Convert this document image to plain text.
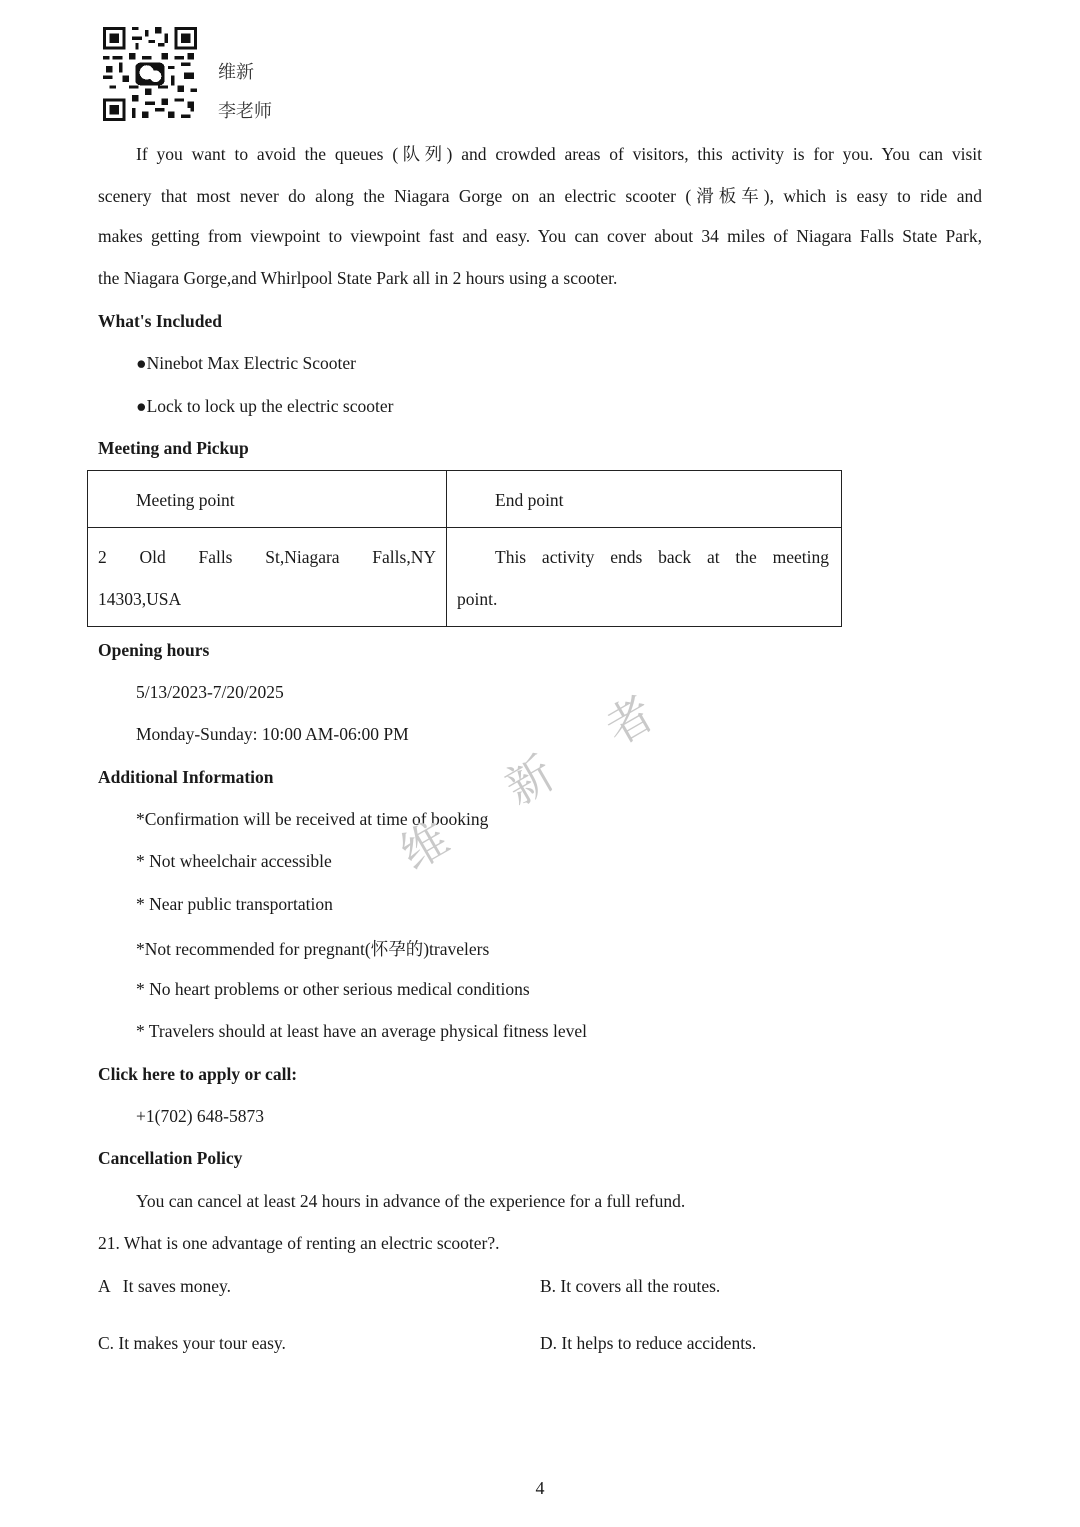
维新
李老师
If you want to avoid the queues (队列) and crowded areas of visitors, this activity is for you. You can visit
scenery that most never do along the Niagara Gorge on an electric scooter (滑板车), which is easy to ride and
makes getting from viewpoint to viewpoint fast and easy. You can cover about 34 miles of Niagara Falls State Park,
the Niagara Gorge,and Whirlpool State Park all in 2 hours using a scooter.
What's Included
●Ninebot Max Electric Scooter
●Lock to lock up the electric scooter
Meeting and Pickup
Meeting point	End point

2 Old Falls St,Niagara Falls,NY
14303,USA	This activity ends back at the meeting
point.
Opening hours
5/13/2023-7/20/2025
Monday-Sunday: 10:00 AM-06:00 PM
Additional Information
*Confirmation will be received at time of booking
* Not wheelchair accessible
* Near public transportation
*Not recommended for pregnant(怀孕的)travelers
* No heart problems or other serious medical conditions
* Travelers should at least have an average physical fitness level
Click here to apply or call:
+1(702) 648-5873
Cancellation Policy
You can cancel at least 24 hours in advance of the experience for a full refund.
21. What is one advantage of renting an electric scooter?.
A   It saves money.	B. It covers all the routes.
C. It makes your tour easy.	D. It helps to reduce accidents.
维
新
者
4
